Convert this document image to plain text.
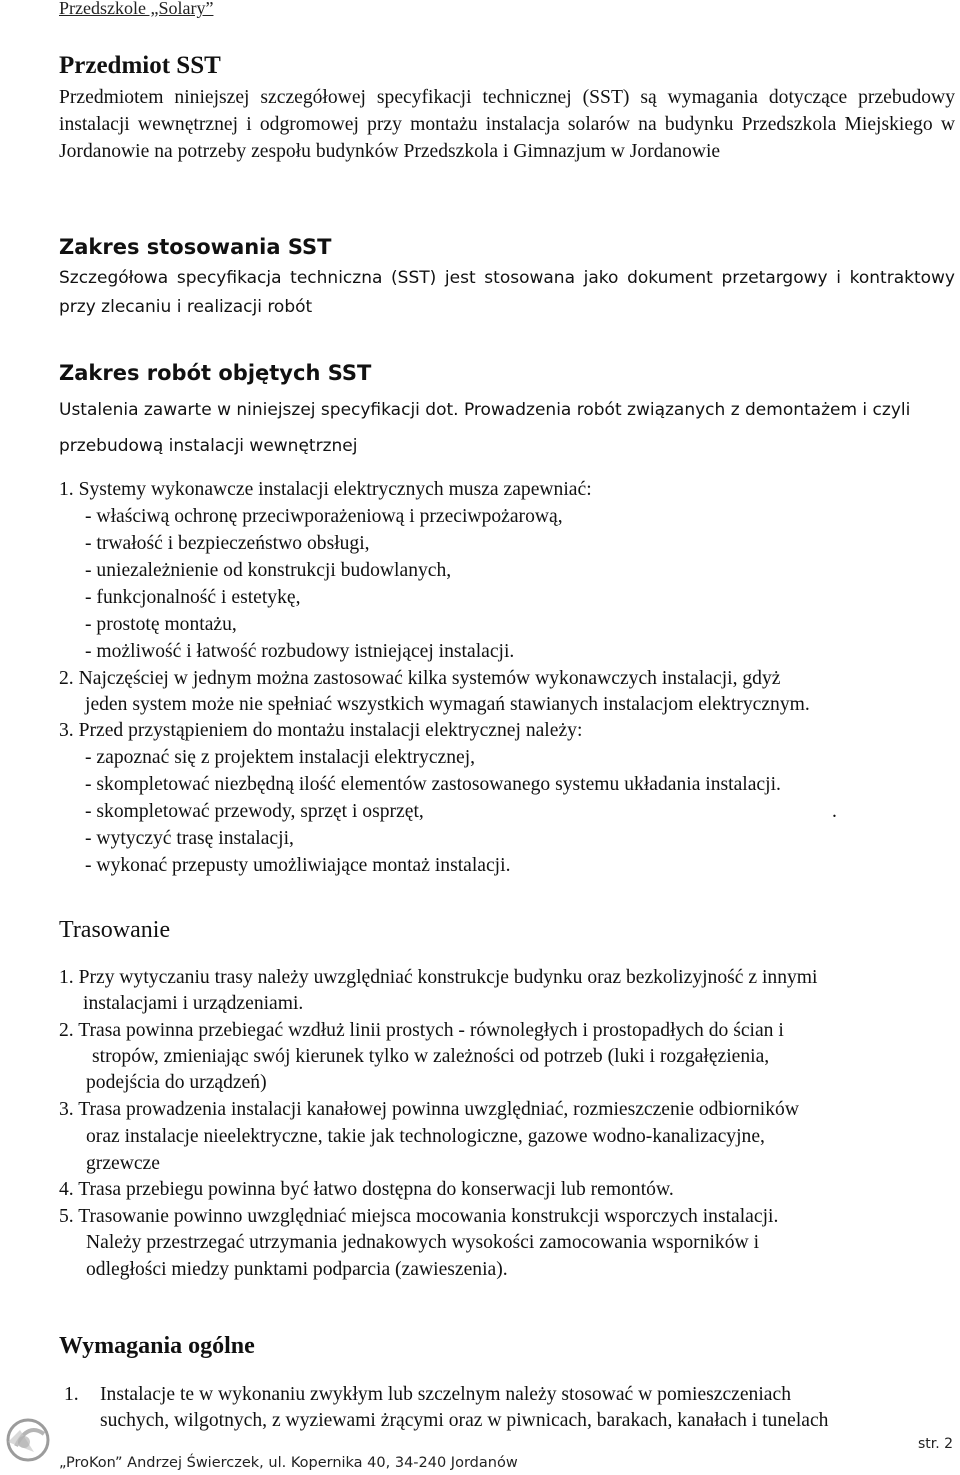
Przedszkole „Solary”
Przedmiot SST
Przedmiotem niniejszej szczegółowej specyfikacji technicznej (SST) są wymagania dotyczące przebudowy instalacji wewnętrznej i odgromowej przy montażu instalacja solarów na budynku Przedszkola Miejskiego w Jordanowie na potrzeby zespołu budynków Przedszkola i Gimnazjum w Jordanowie
Zakres stosowania SST
Szczegółowa specyfikacja techniczna (SST) jest stosowana jako dokument przetargowy i kontraktowy przy zlecaniu i realizacji robót
Zakres robót objętych SST
Ustalenia zawarte w niniejszej specyfikacji dot. Prowadzenia robót związanych z demontażem i czyli przebudową instalacji wewnętrznej
1. Systemy wykonawcze instalacji elektrycznych musza zapewniać:
- właściwą ochronę przeciwporażeniową i przeciwpożarową,
- trwałość i bezpieczeństwo obsługi,
- uniezależnienie od konstrukcji budowlanych,
- funkcjonalność i estetykę,
- prostotę montażu,
- możliwość i łatwość rozbudowy istniejącej instalacji.
2. Najczęściej w jednym można zastosować kilka systemów wykonawczych instalacji, gdyż
jeden system może nie spełniać wszystkich wymagań stawianych instalacjom elektrycznym.
3. Przed przystąpieniem do montażu instalacji elektrycznej należy:
- zapoznać się z projektem instalacji elektrycznej,
- skompletować niezbędną ilość elementów zastosowanego systemu układania instalacji.
- skompletować przewody, sprzęt i osprzęt,	.
- wytyczyć trasę instalacji,
- wykonać przepusty umożliwiające montaż instalacji.
Trasowanie
1. Przy wytyczaniu trasy należy uwzględniać konstrukcje budynku oraz bezkolizyjność z innymi
instalacjami i urządzeniami.
2. Trasa powinna przebiegać wzdłuż linii prostych - równoległych i prostopadłych do ścian i
stropów, zmieniając swój kierunek tylko w zależności od potrzeb (luki i rozgałęzienia,
podejścia do urządzeń)
3. Trasa prowadzenia instalacji kanałowej powinna uwzględniać, rozmieszczenie odbiorników
oraz instalacje nieelektryczne, takie jak technologiczne, gazowe wodno-kanalizacyjne,
grzewcze
4. Trasa przebiegu powinna być łatwo dostępna do konserwacji lub remontów.
5. Trasowanie powinno uwzględniać miejsca mocowania konstrukcji wsporczych instalacji.
Należy przestrzegać utrzymania jednakowych wysokości zamocowania wsporników i
odległości miedzy punktami podparcia (zawieszenia).
Wymagania ogólne
1. Instalacje te w wykonaniu zwykłym lub szczelnym należy stosować w pomieszczeniach
suchych, wilgotnych, z wyziewami żrącymi oraz w piwnicach, barakach, kanałach i tunelach
„ProKon” Andrzej Świerczek, ul. Kopernika 40, 34-240 Jordanów
str. 2
